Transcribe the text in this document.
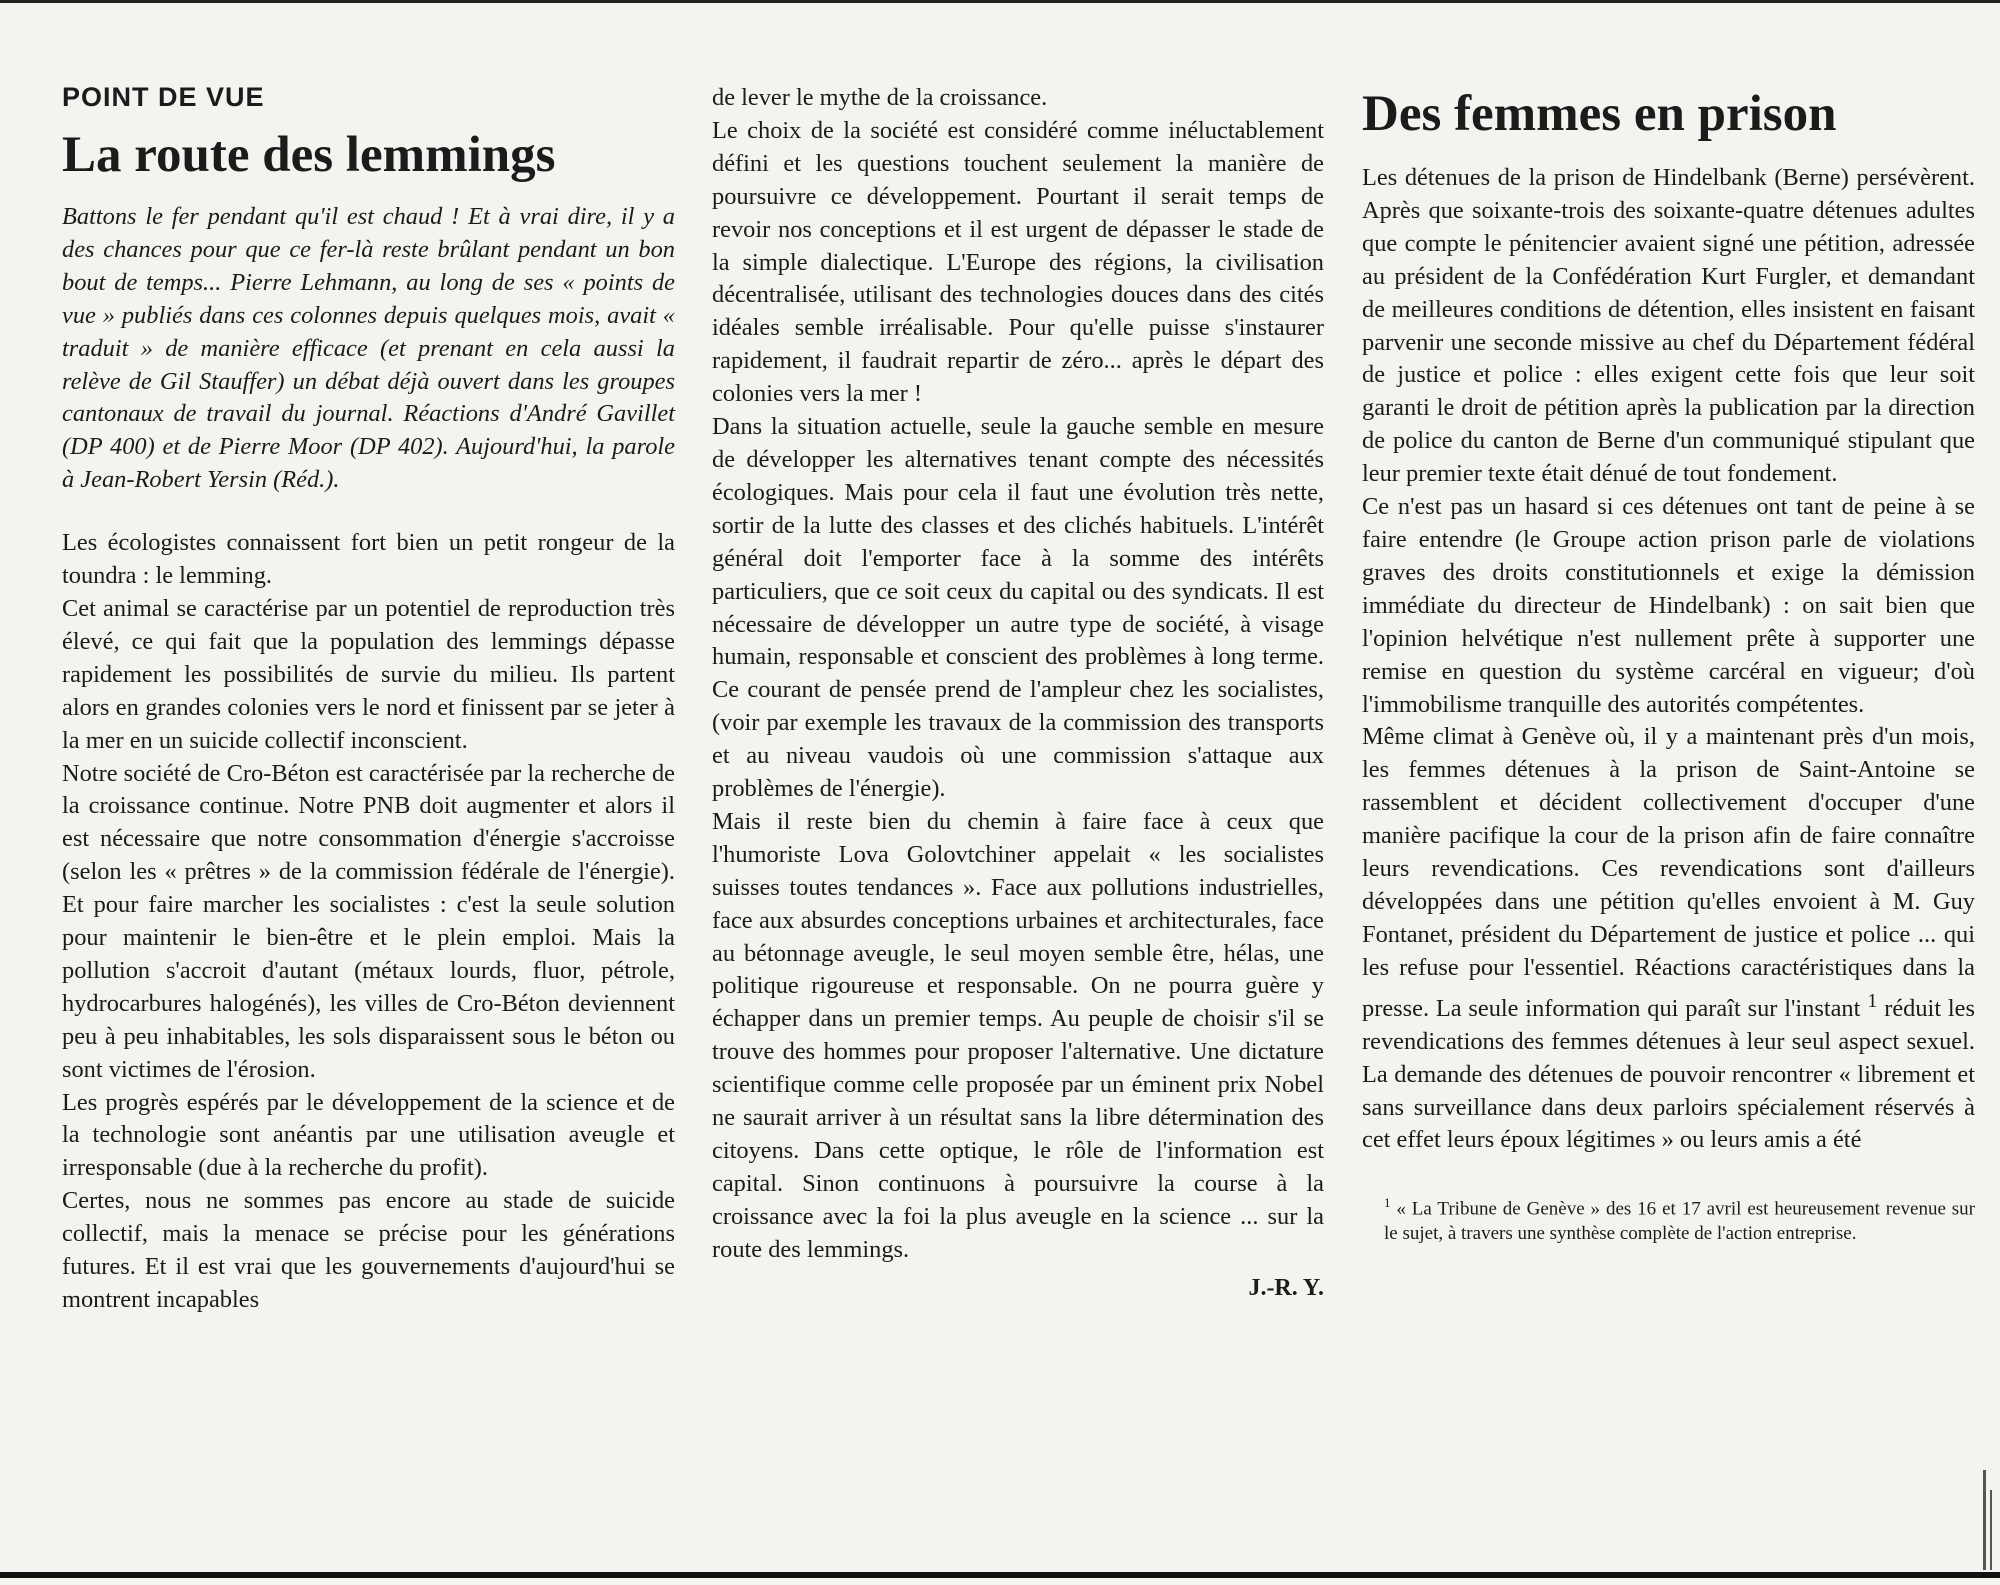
POINT DE VUE
La route des lemmings

Battons le fer pendant qu'il est chaud ! Et à vrai dire, il y a des chances pour que ce fer-là reste brûlant pendant un bon bout de temps... Pierre Lehmann, au long de ses « points de vue » publiés dans ces colonnes depuis quelques mois, avait « traduit » de manière efficace (et prenant en cela aussi la relève de Gil Stauffer) un débat déjà ouvert dans les groupes cantonaux de travail du journal. Réactions d'André Gavillet (DP 400) et de Pierre Moor (DP 402). Aujourd'hui, la parole à Jean-Robert Yersin (Réd.).

Les écologistes connaissent fort bien un petit rongeur de la toundra : le lemming.

Cet animal se caractérise par un potentiel de reproduction très élevé, ce qui fait que la population des lemmings dépasse rapidement les possibilités de survie du milieu. Ils partent alors en grandes colonies vers le nord et finissent par se jeter à la mer en un suicide collectif inconscient.

Notre société de Cro-Béton est caractérisée par la recherche de la croissance continue. Notre PNB doit augmenter et alors il est nécessaire que notre consommation d'énergie s'accroisse (selon les « prêtres » de la commission fédérale de l'énergie). Et pour faire marcher les socialistes : c'est la seule solution pour maintenir le bien-être et le plein emploi. Mais la pollution s'accroit d'autant (métaux lourds, fluor, pétrole, hydrocarbures halogénés), les villes de Cro-Béton deviennent peu à peu inhabitables, les sols disparaissent sous le béton ou sont victimes de l'érosion.

Les progrès espérés par le développement de la science et de la technologie sont anéantis par une utilisation aveugle et irresponsable (due à la recherche du profit).

Certes, nous ne sommes pas encore au stade de suicide collectif, mais la menace se précise pour les générations futures. Et il est vrai que les gouvernements d'aujourd'hui se montrent incapables

de lever le mythe de la croissance.

Le choix de la société est considéré comme inéluctablement défini et les questions touchent seulement la manière de poursuivre ce développement. Pourtant il serait temps de revoir nos conceptions et il est urgent de dépasser le stade de la simple dialectique. L'Europe des régions, la civilisation décentralisée, utilisant des technologies douces dans des cités idéales semble irréalisable. Pour qu'elle puisse s'instaurer rapidement, il faudrait repartir de zéro... après le départ des colonies vers la mer !

Dans la situation actuelle, seule la gauche semble en mesure de développer les alternatives tenant compte des nécessités écologiques. Mais pour cela il faut une évolution très nette, sortir de la lutte des classes et des clichés habituels. L'intérêt général doit l'emporter face à la somme des intérêts particuliers, que ce soit ceux du capital ou des syndicats. Il est nécessaire de développer un autre type de société, à visage humain, responsable et conscient des problèmes à long terme. Ce courant de pensée prend de l'ampleur chez les socialistes, (voir par exemple les travaux de la commission des transports et au niveau vaudois où une commission s'attaque aux problèmes de l'énergie).

Mais il reste bien du chemin à faire face à ceux que l'humoriste Lova Golovtchiner appelait « les socialistes suisses toutes tendances ». Face aux pollutions industrielles, face aux absurdes conceptions urbaines et architecturales, face au bétonnage aveugle, le seul moyen semble être, hélas, une politique rigoureuse et responsable. On ne pourra guère y échapper dans un premier temps. Au peuple de choisir s'il se trouve des hommes pour proposer l'alternative. Une dictature scientifique comme celle proposée par un éminent prix Nobel ne saurait arriver à un résultat sans la libre détermination des citoyens. Dans cette optique, le rôle de l'information est capital. Sinon continuons à poursuivre la course à la croissance avec la foi la plus aveugle en la science ... sur la route des lemmings.

J.-R. Y.
Des femmes en prison

Les détenues de la prison de Hindelbank (Berne) persévèrent. Après que soixante-trois des soixante-quatre détenues adultes que compte le pénitencier avaient signé une pétition, adressée au président de la Confédération Kurt Furgler, et demandant de meilleures conditions de détention, elles insistent en faisant parvenir une seconde missive au chef du Département fédéral de justice et police : elles exigent cette fois que leur soit garanti le droit de pétition après la publication par la direction de police du canton de Berne d'un communiqué stipulant que leur premier texte était dénué de tout fondement.

Ce n'est pas un hasard si ces détenues ont tant de peine à se faire entendre (le Groupe action prison parle de violations graves des droits constitutionnels et exige la démission immédiate du directeur de Hindelbank) : on sait bien que l'opinion helvétique n'est nullement prête à supporter une remise en question du système carcéral en vigueur; d'où l'immobilisme tranquille des autorités compétentes.

Même climat à Genève où, il y a maintenant près d'un mois, les femmes détenues à la prison de Saint-Antoine se rassemblent et décident collectivement d'occuper d'une manière pacifique la cour de la prison afin de faire connaître leurs revendications. Ces revendications sont d'ailleurs développées dans une pétition qu'elles envoient à M. Guy Fontanet, président du Département de justice et police ... qui les refuse pour l'essentiel. Réactions caractéristiques dans la presse. La seule information qui paraît sur l'instant $^1$ réduit les revendications des femmes détenues à leur seul aspect sexuel. La demande des détenues de pouvoir rencontrer « librement et sans surveillance dans deux parloirs spécialement réservés à cet effet leurs époux légitimes » ou leurs amis a été

$^1$ « La Tribune de Genève » des 16 et 17 avril est heureusement revenue sur le sujet, à travers une synthèse complète de l'action entreprise.
